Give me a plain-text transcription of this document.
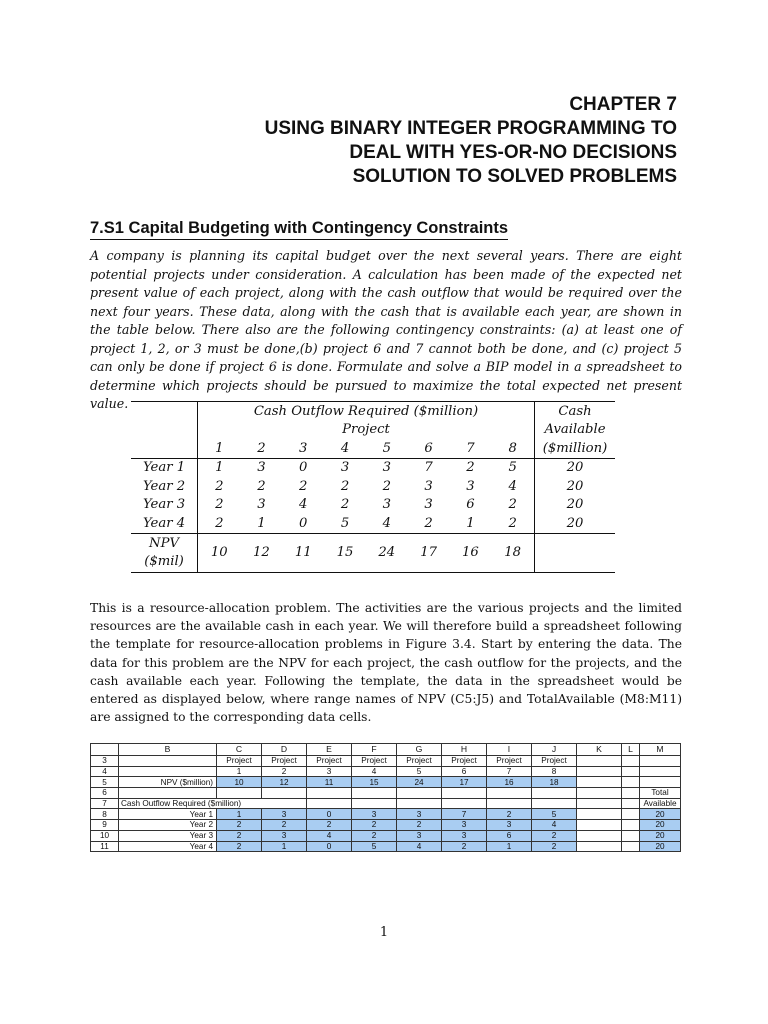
CHAPTER 7
USING BINARY INTEGER PROGRAMMING TO
DEAL WITH YES-OR-NO DECISIONS
SOLUTION TO SOLVED PROBLEMS
7.S1 Capital Budgeting with Contingency Constraints
A company is planning its capital budget over the next several years. There are eight potential projects under consideration. A calculation has been made of the expected net present value of each project, along with the cash outflow that would be required over the next four years. These data, along with the cash that is available each year, are shown in the table below. There also are the following contingency constraints: (a) at least one of project 1, 2, or 3 must be done,(b) project 6 and 7 cannot both be done, and (c) project 5 can only be done if project 6 is done. Formulate and solve a BIP model in a spreadsheet to determine which projects should be pursued to maximize the total expected net present value.
	Cash Outflow Required ($million)								Cash
	Project								Available
	1	2	3	4	5	6	7	8	($million)
Year 1	1	3	0	3	3	7	2	5	20
Year 2	2	2	2	2	2	3	3	4	20
Year 3	2	3	4	2	3	3	6	2	20
Year 4	2	1	0	5	4	2	1	2	20

NPV
($mil)	10	12	11	15	24	17	16	18	
This is a resource-allocation problem. The activities are the various projects and the limited resources are the available cash in each year. We will therefore build a spreadsheet following the template for resource-allocation problems in Figure 3.4. Start by entering the data. The data for this problem are the NPV for each project, the cash outflow for the projects, and the cash available each year. Following the template, the data in the spreadsheet would be entered as displayed below, where range names of NPV (C5:J5) and TotalAvailable (M8:M11) are assigned to the corresponding data cells.
	B	C	D	E	F	G	H	I	J	K	L	M
3		Project	Project	Project	Project	Project	Project	Project	Project			
4		1	2	3	4	5	6	7	8			
5	NPV ($million)	10	12	11	15	24	17	16	18			
6												Total
7	Cash Outflow Required ($million)											Available
8	Year 1	1	3	0	3	3	7	2	5			20
9	Year 2	2	2	2	2	2	3	3	4			20
10	Year 3	2	3	4	2	3	3	6	2			20
11	Year 4	2	1	0	5	4	2	1	2			20
1
